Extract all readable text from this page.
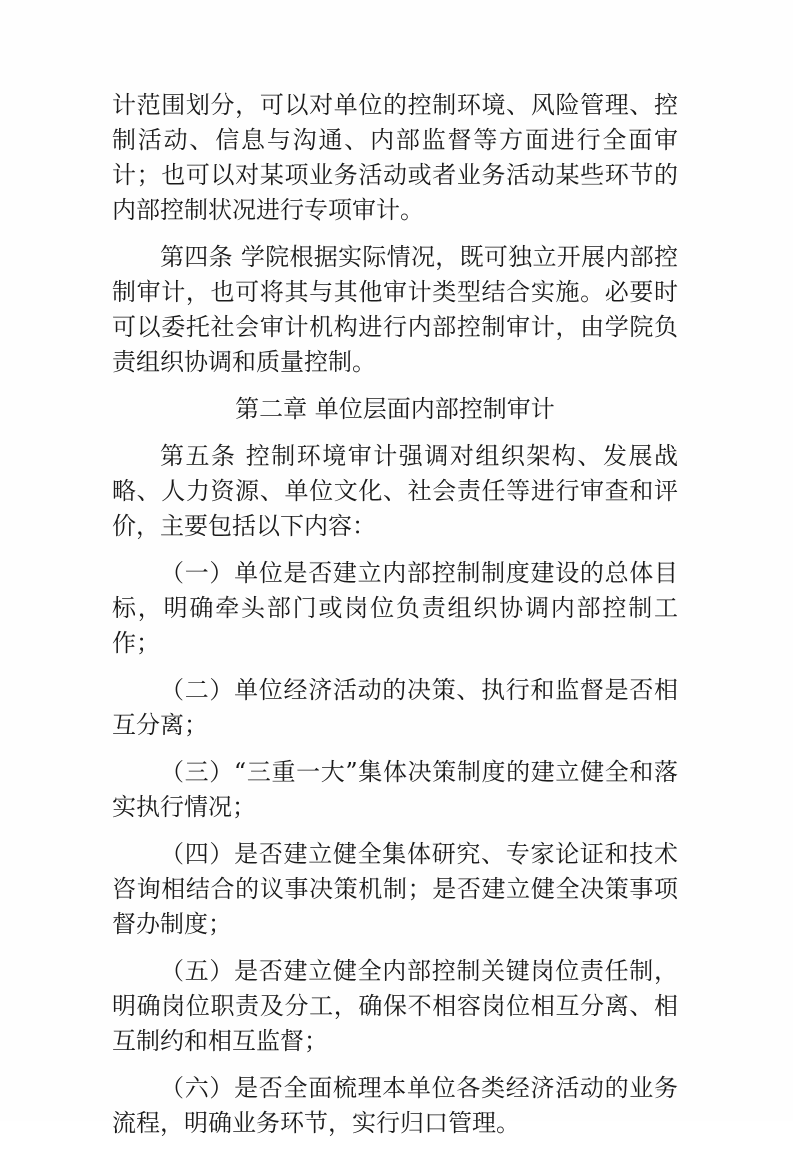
计范围划分，可以对单位的控制环境、风险管理、控制活动、信息与沟通、内部监督等方面进行全面审计；也可以对某项业务活动或者业务活动某些环节的内部控制状况进行专项审计。

第四条 学院根据实际情况，既可独立开展内部控制审计，也可将其与其他审计类型结合实施。必要时可以委托社会审计机构进行内部控制审计，由学院负责组织协调和质量控制。

第二章 单位层面内部控制审计

第五条 控制环境审计强调对组织架构、发展战略、人力资源、单位文化、社会责任等进行审查和评价，主要包括以下内容：

（一）单位是否建立内部控制制度建设的总体目标，明确牵头部门或岗位负责组织协调内部控制工作；

（二）单位经济活动的决策、执行和监督是否相互分离；

（三）“三重一大”集体决策制度的建立健全和落实执行情况；

（四）是否建立健全集体研究、专家论证和技术咨询相结合的议事决策机制；是否建立健全决策事项督办制度；

（五）是否建立健全内部控制关键岗位责任制，明确岗位职责及分工，确保不相容岗位相互分离、相互制约和相互监督；

（六）是否全面梳理本单位各类经济活动的业务流程，明确业务环节，实行归口管理。
